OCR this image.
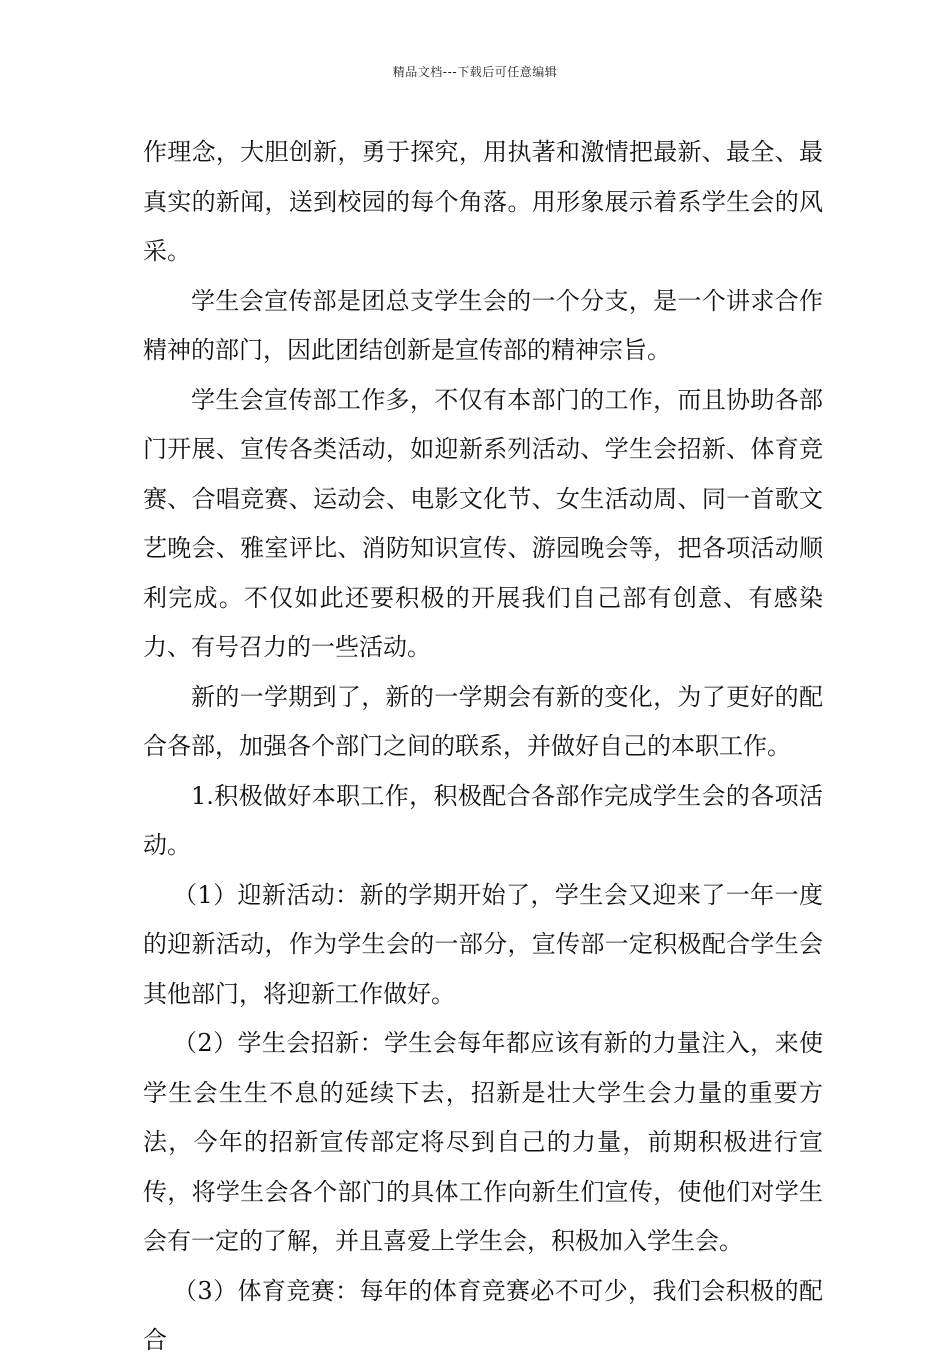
精品文档---下载后可任意编辑

作理念，大胆创新，勇于探究，用执著和激情把最新、最全、最真实的新闻，送到校园的每个角落。用形象展示着系学生会的风采。

学生会宣传部是团总支学生会的一个分支，是一个讲求合作精神的部门，因此团结创新是宣传部的精神宗旨。

学生会宣传部工作多，不仅有本部门的工作，而且协助各部门开展、宣传各类活动，如迎新系列活动、学生会招新、体育竞赛、合唱竞赛、运动会、电影文化节、女生活动周、同一首歌文艺晚会、雅室评比、消防知识宣传、游园晚会等，把各项活动顺利完成。不仅如此还要积极的开展我们自己部有创意、有感染力、有号召力的一些活动。

新的一学期到了，新的一学期会有新的变化，为了更好的配合各部，加强各个部门之间的联系，并做好自己的本职工作。

1.积极做好本职工作，积极配合各部作完成学生会的各项活动。

（1）迎新活动：新的学期开始了，学生会又迎来了一年一度的迎新活动，作为学生会的一部分，宣传部一定积极配合学生会其他部门，将迎新工作做好。

（2）学生会招新：学生会每年都应该有新的力量注入，来使学生会生生不息的延续下去，招新是壮大学生会力量的重要方法，今年的招新宣传部定将尽到自己的力量，前期积极进行宣传，将学生会各个部门的具体工作向新生们宣传，使他们对学生会有一定的了解，并且喜爱上学生会，积极加入学生会。

（3）体育竞赛：每年的体育竞赛必不可少，我们会积极的配合
